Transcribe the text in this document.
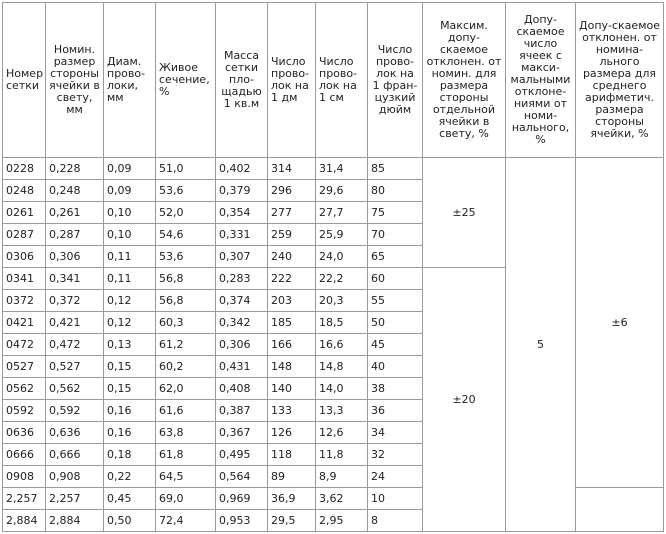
Номер сетки	Номин. размер стороны ячейки в свету, мм	Диам. прово-локи, мм	Живое сечение, %	Масса сетки пло-щадью 1 кв.м	Число прово-лок на 1 дм	Число прово-лок на 1 см	Число прово-лок на 1 фран-цузкий дюйм	Максим. допу-скаемое отклонен. от номин. для размера стороны отдельной ячейки в свету, %	Допу-скаемое число ячеек с макси-мальными отклоне-ниями от номи-нального, %	Допу-скаемое отклонен. от номина-льного размера для среднего арифметич. размера стороны ячейки, %
0228	0,228	0,09	51,0	0,402	314	31,4	85	±25	5	±6
0248	0,248	0,09	53,6	0,379	296	29,6	80			
0261	0,261	0,10	52,0	0,354	277	27,7	75			
0287	0,287	0,10	54,6	0,331	259	25,9	70			
0306	0,306	0,11	53,6	0,307	240	24,0	65			
0341	0,341	0,11	56,8	0,283	222	22,2	60	±20		
0372	0,372	0,12	56,8	0,374	203	20,3	55			
0421	0,421	0,12	60,3	0,342	185	18,5	50			
0472	0,472	0,13	61,2	0,306	166	16,6	45			
0527	0,527	0,15	60,2	0,431	148	14,8	40			
0562	0,562	0,15	62,0	0,408	140	14,0	38			
0592	0,592	0,16	61,6	0,387	133	13,3	36			
0636	0,636	0,16	63,8	0,367	126	12,6	34			
0666	0,666	0,18	61,8	0,495	118	11,8	32			
0908	0,908	0,22	64,5	0,564	89	8,9	24			
2,257	2,257	0,45	69,0	0,969	36,9	3,62	10			
2,884	2,884	0,50	72,4	0,953	29,5	2,95	8			
